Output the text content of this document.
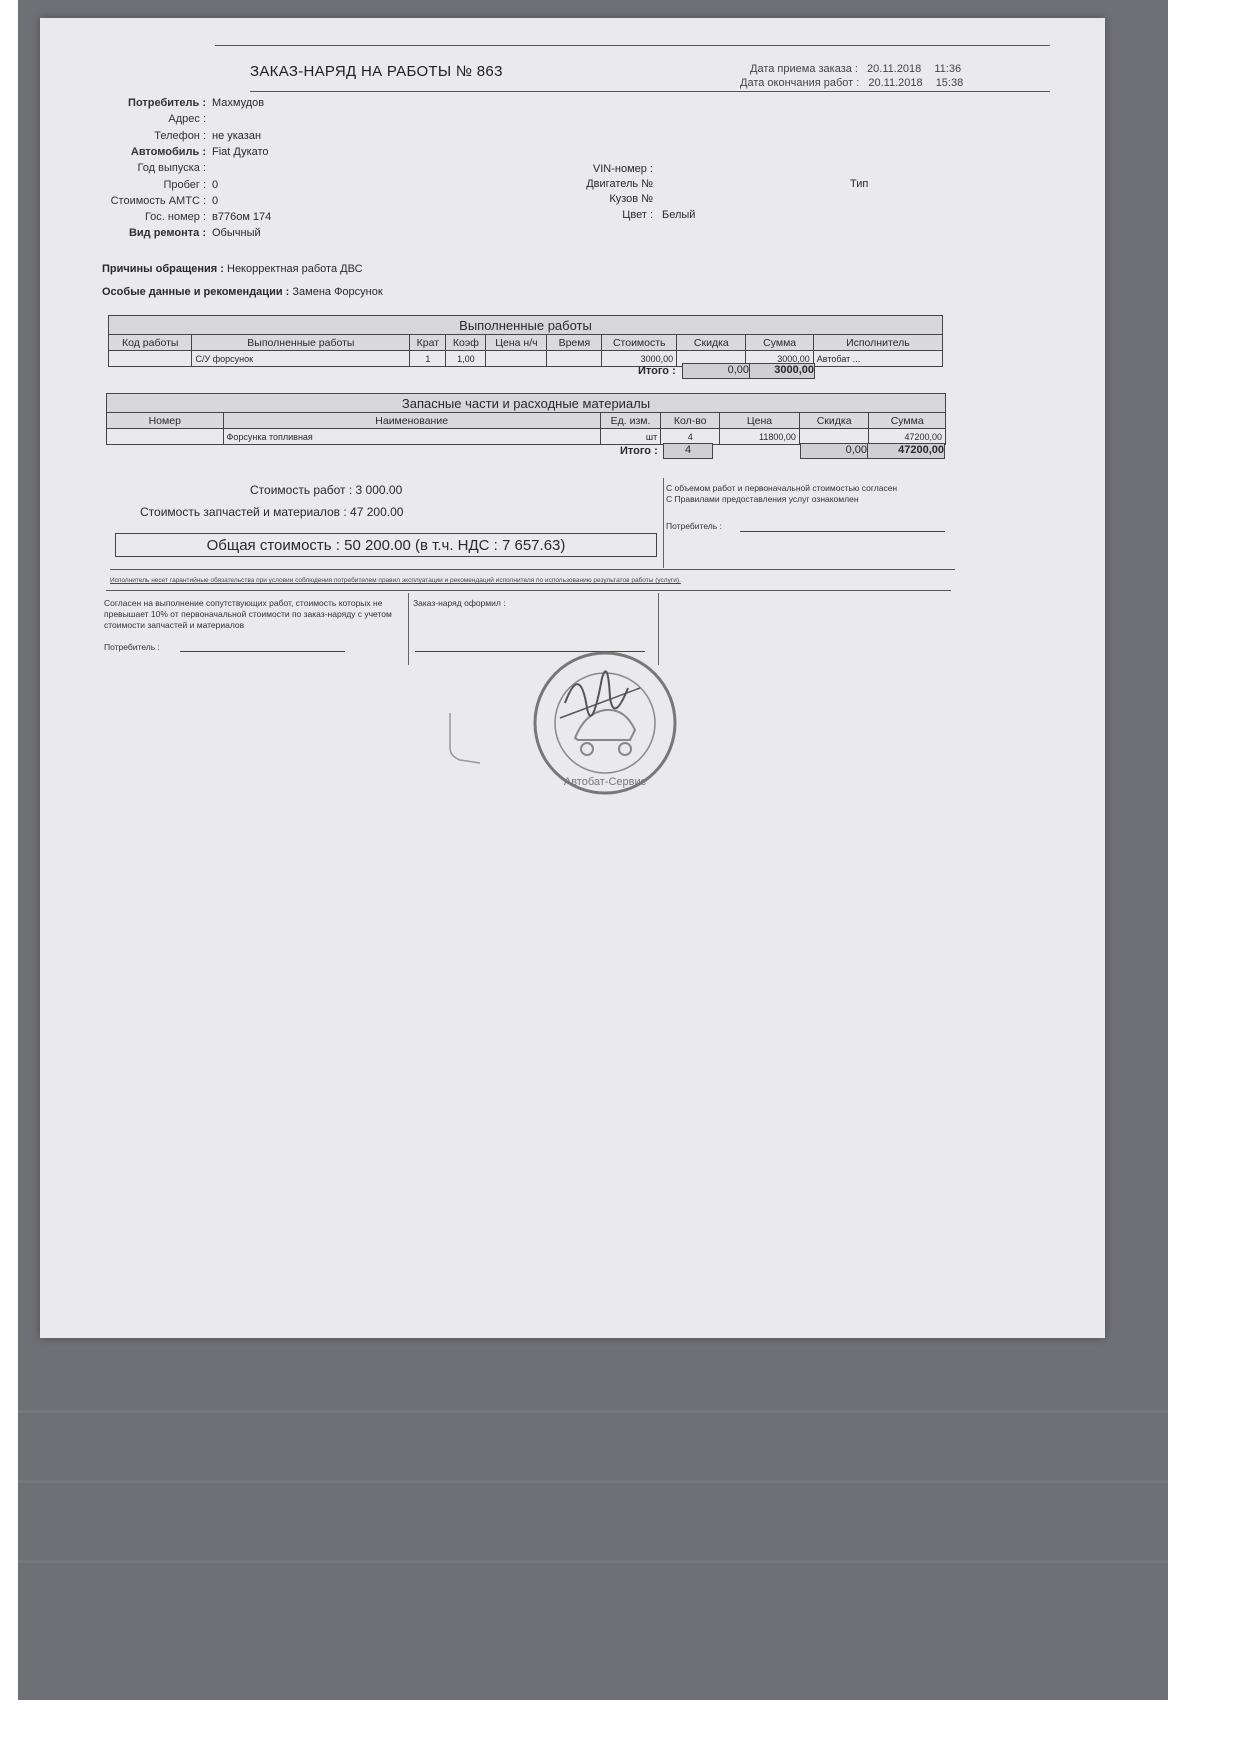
ЗАКАЗ-НАРЯД НА РАБОТЫ № 863	Дата приема заказа : 20.11.2018 11:36
Дата окончания работ : 20.11.2018 15:38
Потребитель : Махмудов
Адрес :
Телефон : не указан
Автомобиль : Fiat Дукато
Год выпуска :
Пробег : 0
Стоимость АМТС : 0
Гос. номер : в776ом 174
Вид ремонта : Обычный
VIN-номер :
Двигатель №
Кузов №
Цвет : Белый
Тип
Причины обращения : Некорректная работа ДВС
Особые данные и рекомендации : Замена Форсунок
Выполненные работы									
Код работы	Выполненные работы	Крат	Коэф	Цена н/ч	Время	Стоимость	Скидка	Сумма	Исполнитель
	С/У форсунок	1	1,00			3000,00		3000,00	Автобат ...
Итого :	0,00	3000,00
Запасные части и расходные материалы						
Номер	Наименование	Ед. изм.	Кол-во	Цена	Скидка	Сумма
	Форсунка топливная	шт	4	11800,00		47200,00
Итого :	4	0,00	47200,00
Стоимость работ : 3 000.00
Стоимость запчастей и материалов : 47 200.00
Общая стоимость : 50 200.00 (в т.ч. НДС : 7 657.63)
С объемом работ и первоначальной стоимостью согласен
С Правилами предоставления услуг ознакомлен
Потребитель :
Исполнитель несет гарантийные обязательства при условии соблюдения потребителем правил эксплуатации и рекомендаций исполнителя по использованию результатов работы (услуги).
Согласен на выполнение сопутствующих работ, стоимость которых не превышает 10% от первоначальной стоимости по заказ-наряду с учетом стоимости запчастей и материалов
Потребитель :
Заказ-наряд оформил :
Автобат-Сервис
